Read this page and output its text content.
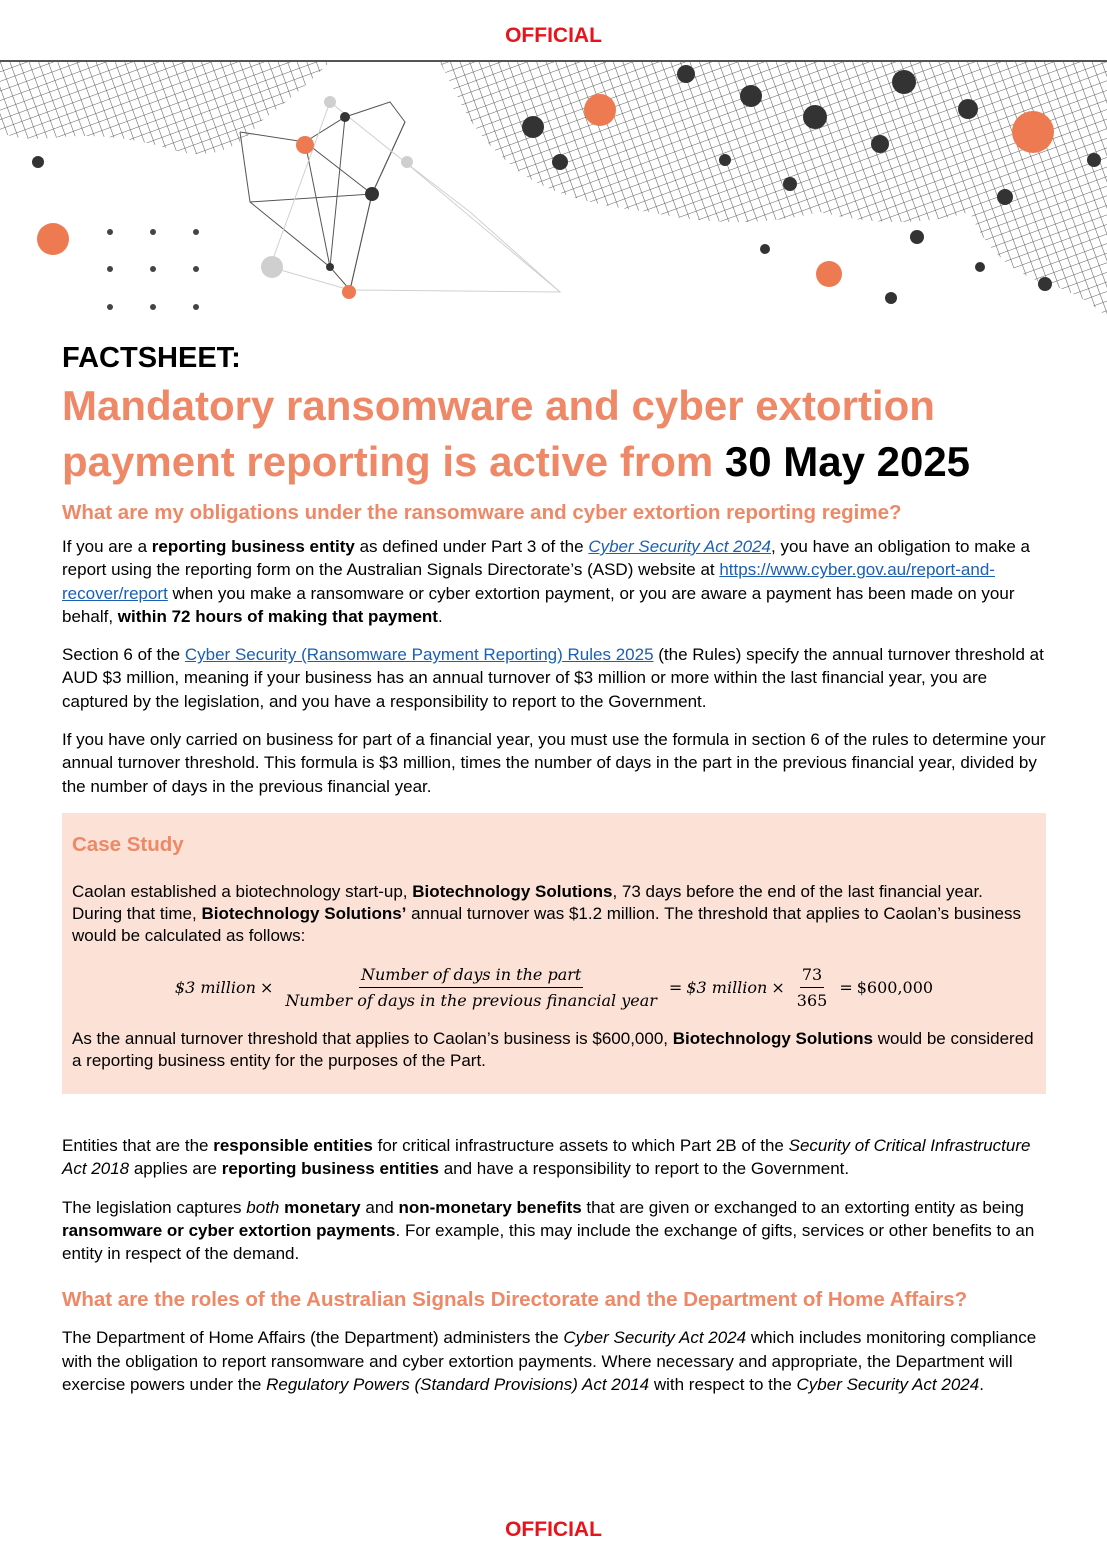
OFFICIAL
FACTSHEET:
Mandatory ransomware and cyber extortion payment reporting is active from 30 May 2025
What are my obligations under the ransomware and cyber extortion reporting regime?

If you are a reporting business entity as defined under Part 3 of the Cyber Security Act 2024, you have an obligation to make a report using the reporting form on the Australian Signals Directorate’s (ASD) website at https://www.cyber.gov.au/report-and-recover/report when you make a ransomware or cyber extortion payment, or you are aware a payment has been made on your behalf, within 72 hours of making that payment.

Section 6 of the Cyber Security (Ransomware Payment Reporting) Rules 2025 (the Rules) specify the annual turnover threshold at AUD $3 million, meaning if your business has an annual turnover of $3 million or more within the last financial year, you are captured by the legislation, and you have a responsibility to report to the Government.

If you have only carried on business for part of a financial year, you must use the formula in section 6 of the rules to determine your annual turnover threshold. This formula is $3 million, times the number of days in the part in the previous financial year, divided by the number of days in the previous financial year.

Case Study

Caolan established a biotechnology start-up, Biotechnology Solutions, 73 days before the end of the last financial year. During that time, Biotechnology Solutions’ annual turnover was $1.2 million. The threshold that applies to Caolan’s business would be calculated as follows:

$3 million × $\frac{\text{Number of days in the part}}{\text{Number of days in the previous financial year}}$ = $3 million × $\frac{73}{365}$ = $600,000

As the annual turnover threshold that applies to Caolan’s business is $600,000, Biotechnology Solutions would be considered a reporting business entity for the purposes of the Part.

Entities that are the responsible entities for critical infrastructure assets to which Part 2B of the Security of Critical Infrastructure Act 2018 applies are reporting business entities and have a responsibility to report to the Government.

The legislation captures both monetary and non-monetary benefits that are given or exchanged to an extorting entity as being ransomware or cyber extortion payments. For example, this may include the exchange of gifts, services or other benefits to an entity in respect of the demand.

What are the roles of the Australian Signals Directorate and the Department of Home Affairs?

The Department of Home Affairs (the Department) administers the Cyber Security Act 2024 which includes monitoring compliance with the obligation to report ransomware and cyber extortion payments. Where necessary and appropriate, the Department will exercise powers under the Regulatory Powers (Standard Provisions) Act 2014 with respect to the Cyber Security Act 2024.

OFFICIAL
